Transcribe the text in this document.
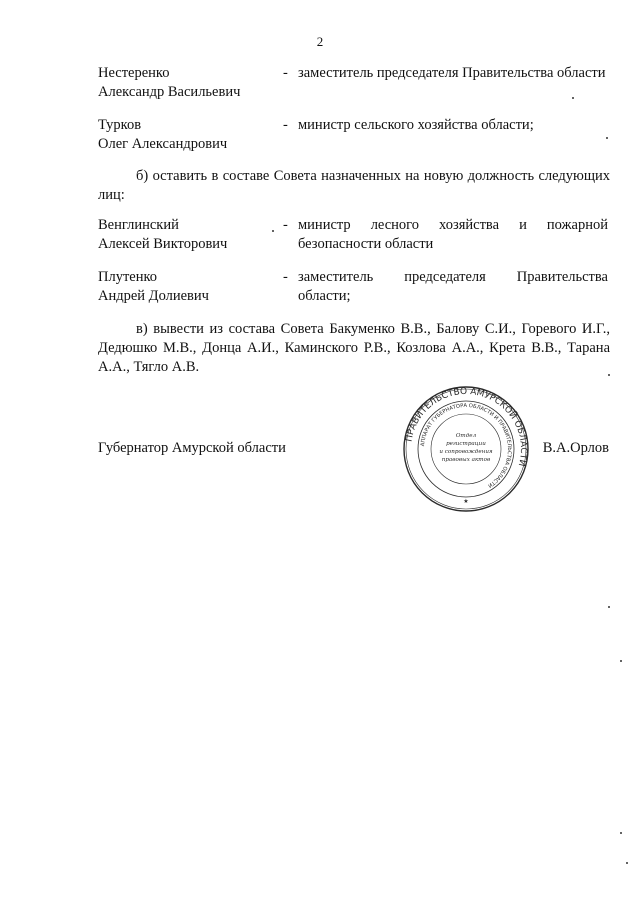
2
Нестеренко
Александр Васильевич
- заместитель председателя Правительства области
Турков
Олег Александрович
- министр сельского хозяйства области;
б) оставить в составе Совета назначенных на новую должность следующих лиц:
Венглинский
Алексей Викторович
- министр лесного хозяйства и пожарной безопасности области
Плутенко
Андрей Долиевич
- заместитель председателя Правительства области;
в) вывести из состава Совета Бакуменко В.В., Балову С.И., Горевого И.Г., Дедюшко М.В., Донца А.И., Каминского Р.В., Козлова А.А., Крета В.В., Тарана А.А., Тягло А.В.
Губернатор Амурской области	В.А.Орлов
ПРАВИТЕЛЬСТВО АМУРСКОЙ ОБЛАСТИ
АППАРАТ ГУБЕРНАТОРА ОБЛАСТИ И ПРАВИТЕЛЬСТВА ОБЛАСТИ
Отдел
регистрации
и сопровождения
правовых актов
★
